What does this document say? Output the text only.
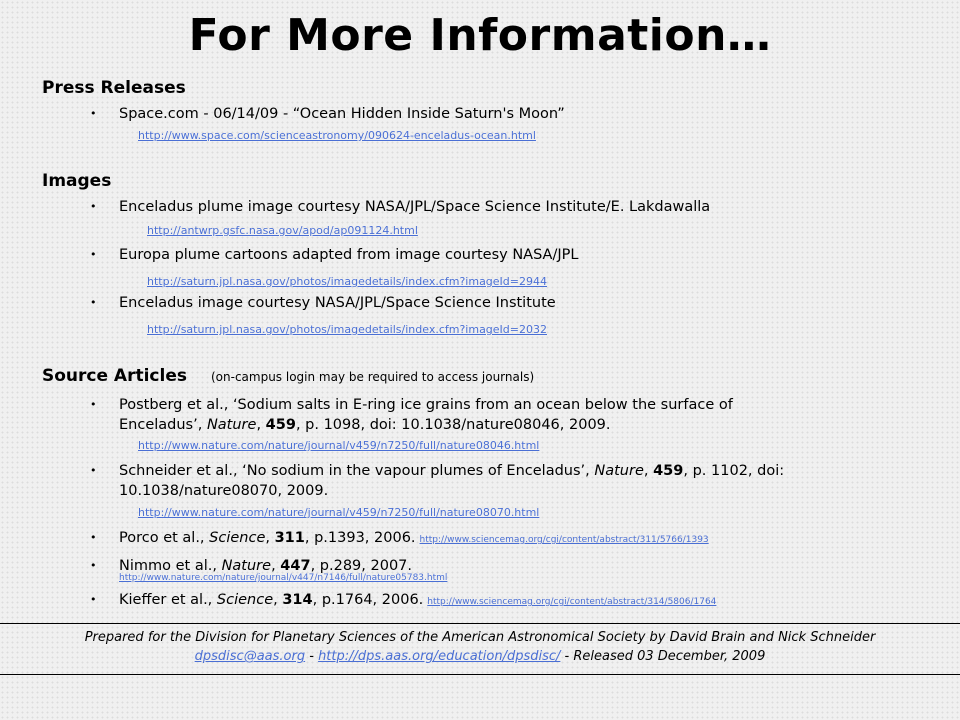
For More Information…
Press Releases
• Space.com - 06/14/09 - “Ocean Hidden Inside Saturn's Moon”
http://www.space.com/scienceastronomy/090624-enceladus-ocean.html
Images
• Enceladus plume image courtesy NASA/JPL/Space Science Institute/E. Lakdawalla
http://antwrp.gsfc.nasa.gov/apod/ap091124.html
• Europa plume cartoons adapted from image courtesy NASA/JPL
http://saturn.jpl.nasa.gov/photos/imagedetails/index.cfm?imageId=2944
• Enceladus image courtesy NASA/JPL/Space Science Institute
http://saturn.jpl.nasa.gov/photos/imagedetails/index.cfm?imageId=2032
Source Articles (on-campus login may be required to access journals)
• Postberg et al., ‘Sodium salts in E-ring ice grains from an ocean below the surface of
Enceladus’, Nature, 459, p. 1098, doi: 10.1038/nature08046, 2009.
http://www.nature.com/nature/journal/v459/n7250/full/nature08046.html
• Schneider et al., ‘No sodium in the vapour plumes of Enceladus’, Nature, 459, p. 1102, doi:
10.1038/nature08070, 2009.
http://www.nature.com/nature/journal/v459/n7250/full/nature08070.html
• Porco et al., Science, 311, p.1393, 2006. http://www.sciencemag.org/cgi/content/abstract/311/5766/1393
• Nimmo et al., Nature, 447, p.289, 2007.
http://www.nature.com/nature/journal/v447/n7146/full/nature05783.html
• Kieffer et al., Science, 314, p.1764, 2006. http://www.sciencemag.org/cgi/content/abstract/314/5806/1764
Prepared for the Division for Planetary Sciences of the American Astronomical Society by David Brain and Nick Schneider
dpsdisc@aas.org - http://dps.aas.org/education/dpsdisc/ - Released 03 December, 2009
